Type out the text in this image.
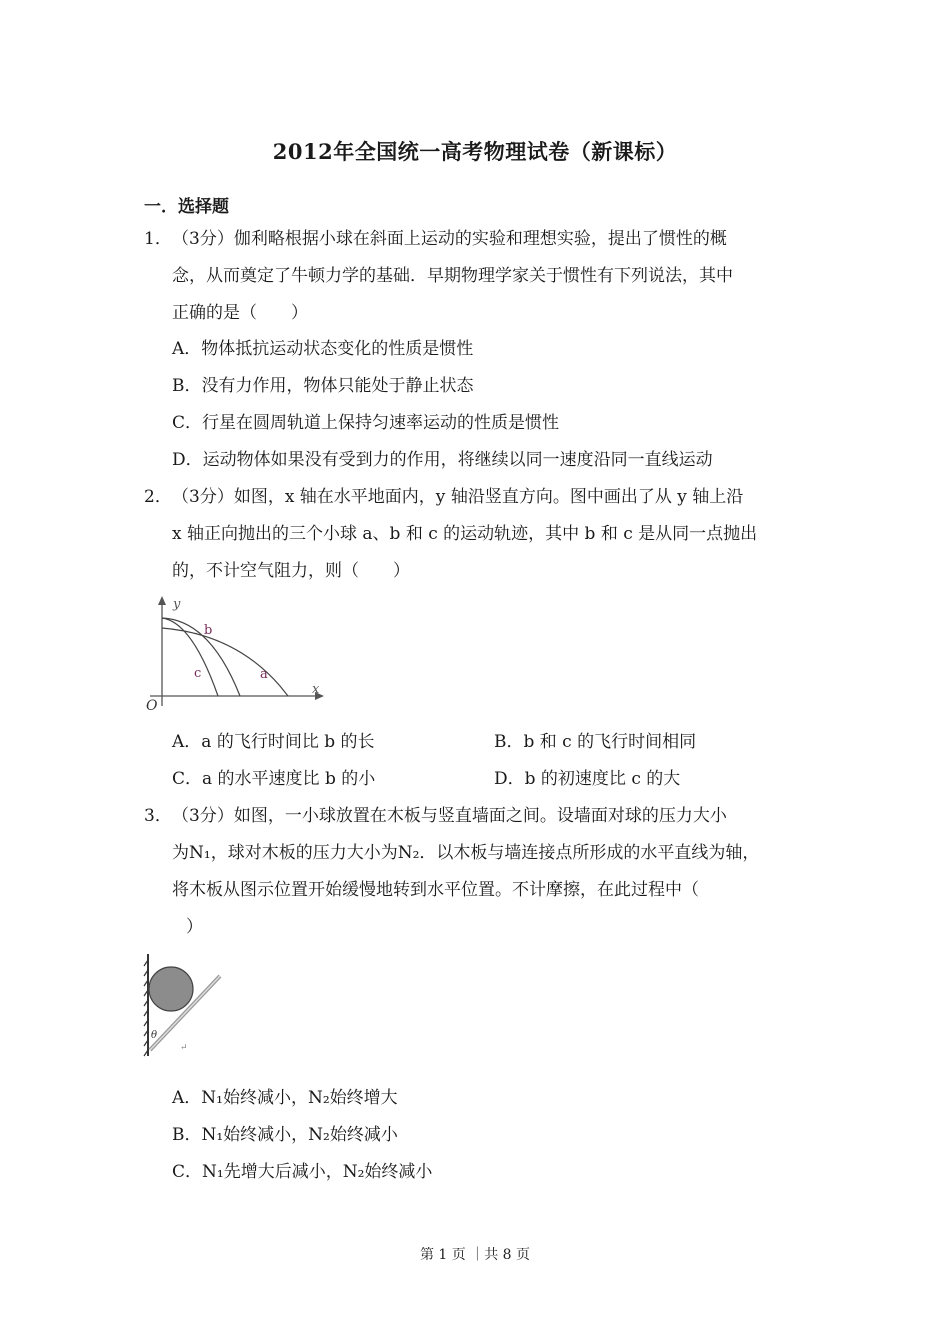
2012年全国统一高考物理试卷（新课标）
一．选择题
1． （3分）伽利略根据小球在斜面上运动的实验和理想实验，提出了惯性的概
念，从而奠定了牛顿力学的基础．早期物理学家关于惯性有下列说法，其中
正确的是（　　）
A．物体抵抗运动状态变化的性质是惯性
B．没有力作用，物体只能处于静止状态
C．行星在圆周轨道上保持匀速率运动的性质是惯性
D．运动物体如果没有受到力的作用，将继续以同一速度沿同一直线运动
2． （3分）如图，x 轴在水平地面内，y 轴沿竖直方向。图中画出了从 y 轴上沿
x 轴正向抛出的三个小球 a、b 和 c 的运动轨迹，其中 b 和 c 是从同一点抛出
的，不计空气阻力，则（　　）
y
x
O
b
c	a
A．a 的飞行时间比 b 的长	B．b 和 c 的飞行时间相同
C．a 的水平速度比 b 的小	D．b 的初速度比 c 的大
3． （3分）如图，一小球放置在木板与竖直墙面之间。设墙面对球的压力大小
为N₁，球对木板的压力大小为N₂．以木板与墙连接点所形成的水平直线为轴，
将木板从图示位置开始缓慢地转到水平位置。不计摩擦，在此过程中（
）
θ
↵
A．N₁始终减小，N₂始终增大
B．N₁始终减小，N₂始终减小
C．N₁先增大后减小，N₂始终减小
第 1 页 ｜共 8 页
